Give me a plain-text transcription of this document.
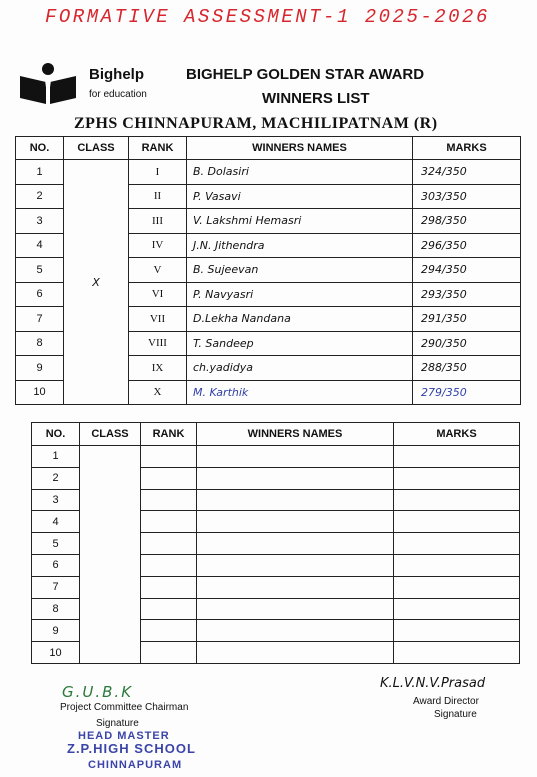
FORMATIVE ASSESSMENT-1 2025-2026
Bighelp
for education
BIGHELP GOLDEN STAR AWARD
WINNERS LIST
ZPHS CHINNAPURAM, MACHILIPATNAM (R)
NO.	CLASS	RANK	WINNERS NAMES	MARKS
1	X	I	B. Dolasiri	324/350
2		II	P. Vasavi	303/350
3		III	V. Lakshmi Hemasri	298/350
4		IV	J.N. Jithendra	296/350
5		V	B. Sujeevan	294/350
6		VI	P. Navyasri	293/350
7		VII	D.Lekha Nandana	291/350
8		VIII	T. Sandeep	290/350
9		IX	ch.yadidya	288/350
10		X	M. Karthik	279/350
NO.	CLASS	RANK	WINNERS NAMES	MARKS
1				
2				
3				
4				
5				
6				
7				
8				
9				
10				
G.U.B.K
Project Committee Chairman
Signature
HEAD MASTER
Z.P.HIGH SCHOOL
CHINNAPURAM
K.L.V.N.V.Prasad
Award Director
Signature
